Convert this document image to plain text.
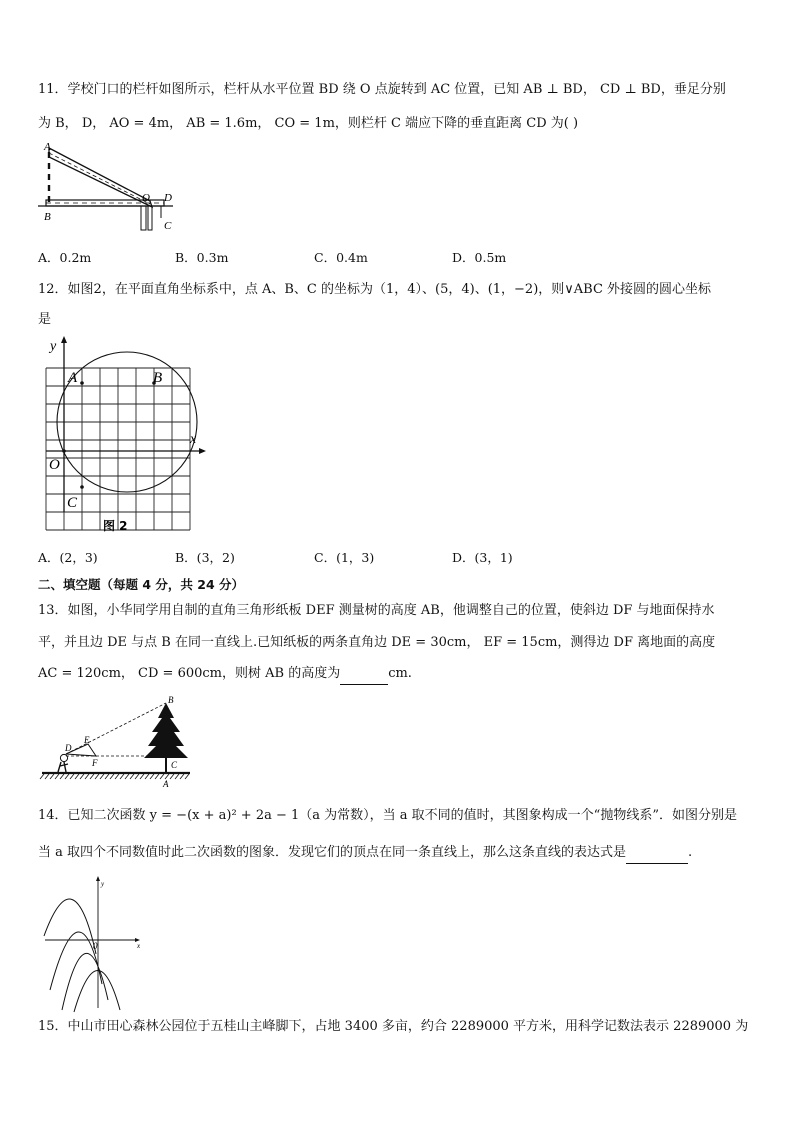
11．学校门口的栏杆如图所示，栏杆从水平位置 BD 绕 O 点旋转到 AC 位置，已知 AB ⊥ BD， CD ⊥ BD，垂足分别
为 B， D， AO = 4m， AB = 1.6m， CO = 1m，则栏杆 C 端应下降的垂直距离 CD 为( )
A
B
O D
C
A．0.2m	B．0.3m	C．0.4m	D．0.5m
12．如图2，在平面直角坐标系中，点 A、B、C 的坐标为（1，4）、(5，4)、(1，−2)，则∨ABC 外接圆的圆心坐标
是
y
x
O
A	B
C
图 2
A．(2，3)	B．(3，2)	C．(1，3)	D．(3，1)
二、填空题（每题 4 分，共 24 分）
13．如图，小华同学用自制的直角三角形纸板 DEF 测量树的高度 AB，他调整自己的位置，使斜边 DF 与地面保持水
平，并且边 DE 与点 B 在同一直线上.已知纸板的两条直角边 DE = 30cm， EF = 15cm，测得边 DF 离地面的高度
AC = 120cm， CD = 600cm，则树 AB 的高度为	cm.
B
E
D
F	C
A
14．已知二次函数 y = −(x + a)² + 2a − 1（a 为常数），当 a 取不同的值时，其图象构成一个“抛物线系”．如图分别是
当 a 取四个不同数值时此二次函数的图象．发现它们的顶点在同一条直线上，那么这条直线的表达式是	.
y
x
0
15．中山市田心森林公园位于五桂山主峰脚下，占地 3400 多亩，约合 2289000 平方米，用科学记数法表示 2289000 为
